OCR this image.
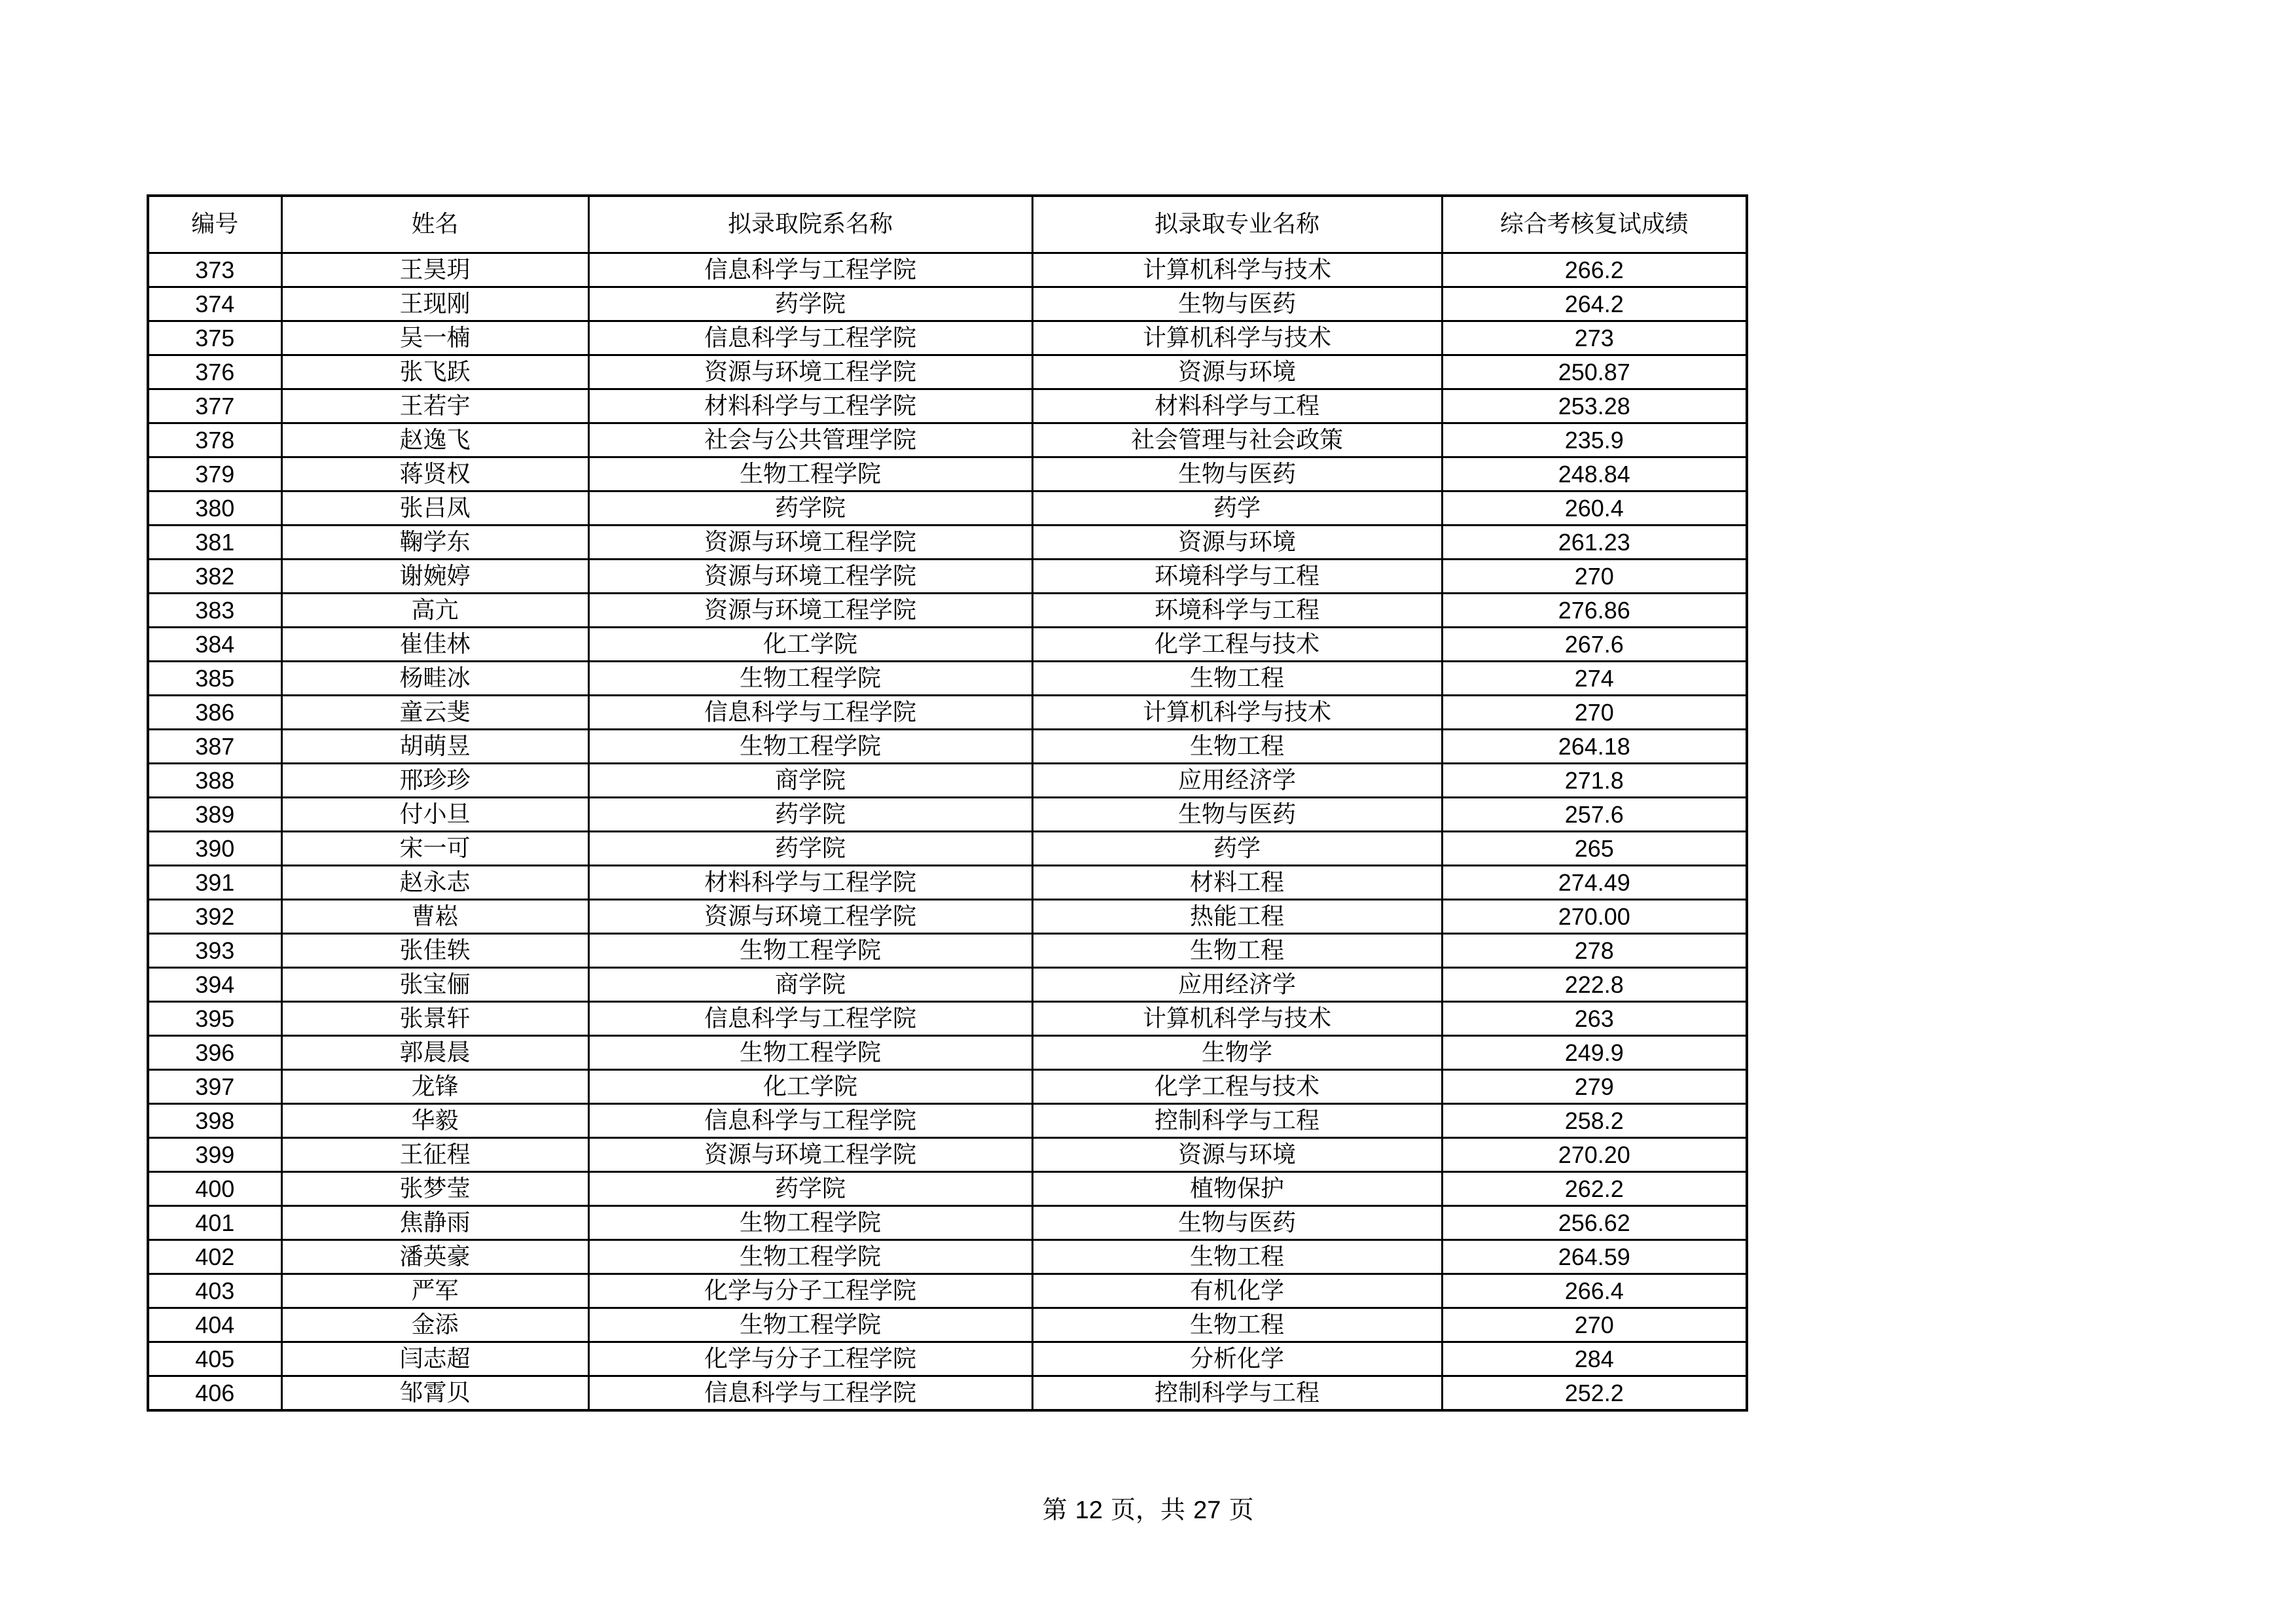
编号	姓名	拟录取院系名称	拟录取专业名称	综合考核复试成绩
373	王昊玥	信息科学与工程学院	计算机科学与技术	266.2
374	王现刚	药学院	生物与医药	264.2
375	吴一楠	信息科学与工程学院	计算机科学与技术	273
376	张飞跃	资源与环境工程学院	资源与环境	250.87
377	王若宇	材料科学与工程学院	材料科学与工程	253.28
378	赵逸飞	社会与公共管理学院	社会管理与社会政策	235.9
379	蒋贤权	生物工程学院	生物与医药	248.84
380	张吕凤	药学院	药学	260.4
381	鞠学东	资源与环境工程学院	资源与环境	261.23
382	谢婉婷	资源与环境工程学院	环境科学与工程	270
383	高亢	资源与环境工程学院	环境科学与工程	276.86
384	崔佳林	化工学院	化学工程与技术	267.6
385	杨畦冰	生物工程学院	生物工程	274
386	童云斐	信息科学与工程学院	计算机科学与技术	270
387	胡萌昱	生物工程学院	生物工程	264.18
388	邢珍珍	商学院	应用经济学	271.8
389	付小旦	药学院	生物与医药	257.6
390	宋一可	药学院	药学	265
391	赵永志	材料科学与工程学院	材料工程	274.49
392	曹崧	资源与环境工程学院	热能工程	270.00
393	张佳轶	生物工程学院	生物工程	278
394	张宝俪	商学院	应用经济学	222.8
395	张景轩	信息科学与工程学院	计算机科学与技术	263
396	郭晨晨	生物工程学院	生物学	249.9
397	龙锋	化工学院	化学工程与技术	279
398	华毅	信息科学与工程学院	控制科学与工程	258.2
399	王征程	资源与环境工程学院	资源与环境	270.20
400	张梦莹	药学院	植物保护	262.2
401	焦静雨	生物工程学院	生物与医药	256.62
402	潘英豪	生物工程学院	生物工程	264.59
403	严军	化学与分子工程学院	有机化学	266.4
404	金添	生物工程学院	生物工程	270
405	闫志超	化学与分子工程学院	分析化学	284
406	邹霄贝	信息科学与工程学院	控制科学与工程	252.2
第 12 页，共 27 页
